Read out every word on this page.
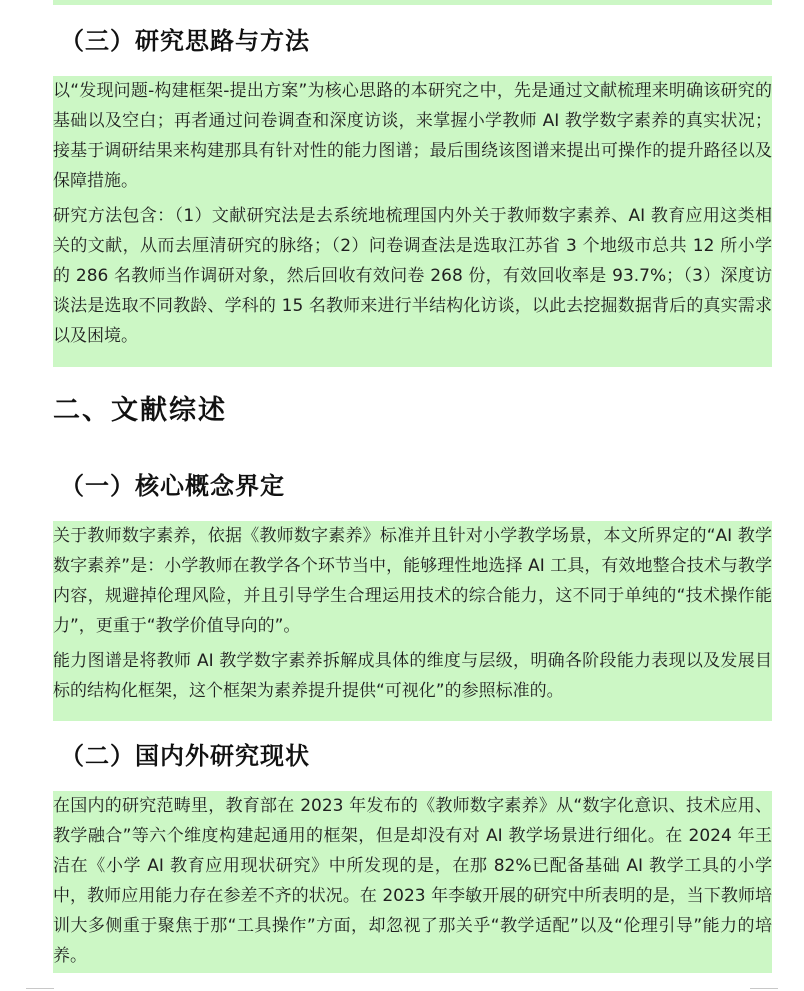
（三）研究思路与方法

以“发现问题-构建框架-提出方案”为核心思路的本研究之中，先是通过文献梳理来明确该研究的基础以及空白；再者通过问卷调查和深度访谈，来掌握小学教师 AI 教学数字素养的真实状况；接基于调研结果来构建那具有针对性的能力图谱；最后围绕该图谱来提出可操作的提升路径以及保障措施。

研究方法包含：（1）文献研究法是去系统地梳理国内外关于教师数字素养、AI 教育应用这类相关的文献，从而去厘清研究的脉络；（2）问卷调查法是选取江苏省 3 个地级市总共 12 所小学的 286 名教师当作调研对象，然后回收有效问卷 268 份，有效回收率是 93.7%；（3）深度访谈法是选取不同教龄、学科的 15 名教师来进行半结构化访谈，以此去挖掘数据背后的真实需求以及困境。

二、文献综述
（一）核心概念界定

关于教师数字素养，依据《教师数字素养》标准并且针对小学教学场景，本文所界定的“AI 教学数字素养”是：小学教师在教学各个环节当中，能够理性地选择 AI 工具，有效地整合技术与教学内容，规避掉伦理风险，并且引导学生合理运用技术的综合能力，这不同于单纯的“技术操作能力”，更重于“教学价值导向的”。

能力图谱是将教师 AI 教学数字素养拆解成具体的维度与层级，明确各阶段能力表现以及发展目标的结构化框架，这个框架为素养提升提供“可视化”的参照标准的。

（二）国内外研究现状

在国内的研究范畴里，教育部在 2023 年发布的《教师数字素养》从“数字化意识、技术应用、教学融合”等六个维度构建起通用的框架，但是却没有对 AI 教学场景进行细化。在 2024 年王洁在《小学 AI 教育应用现状研究》中所发现的是，在那 82%已配备基础 AI 教学工具的小学中，教师应用能力存在参差不齐的状况。在 2023 年李敏开展的研究中所表明的是，当下教师培训大多侧重于聚焦于那“工具操作”方面，却忽视了那关乎“教学适配”以及“伦理引导”能力的培养。
